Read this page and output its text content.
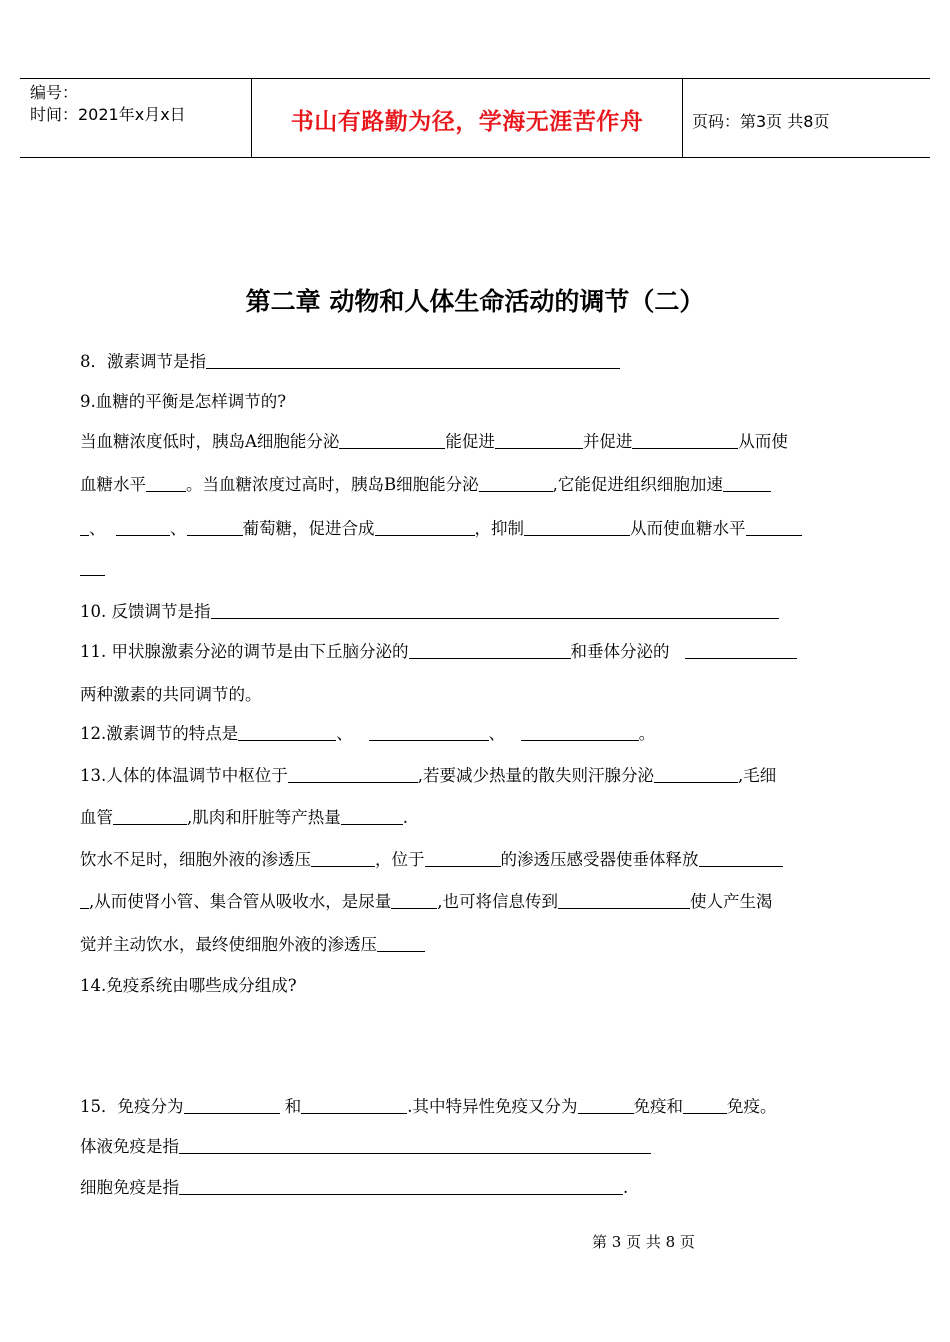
编号：
时间：2021年x月x日	书山有路勤为径，学海无涯苦作舟	页码：第3页 共8页
第二章 动物和人体生命活动的调节（二）
8．激素调节是指
9.血糖的平衡是怎样调节的?
当血糖浓度低时，胰岛A细胞能分泌	能促进	并促进	从而使
血糖水平 。当血糖浓度过高时，胰岛B细胞能分泌	,它能促进组织细胞加速
、	、	葡萄糖，促进合成	，抑制	从而使血糖水平
10. 反馈调节是指
11. 甲状腺激素分泌的调节是由下丘脑分泌的	和垂体分泌的
两种激素的共同调节的。
12.激素调节的特点是	、	、	。
13.人体的体温调节中枢位于	,若要减少热量的散失则汗腺分泌	,毛细
血管	,肌肉和肝脏等产热量	.
饮水不足时，细胞外液的渗透压	，位于	的渗透压感受器使垂体释放
,从而使肾小管、集合管从吸收水，是尿量	,也可将信息传到	使人产生渴
觉并主动饮水，最终使细胞外液的渗透压
14.免疫系统由哪些成分组成?
15．免疫分为	和	.其中特异性免疫又分为	免疫和	免疫。
体液免疫是指
细胞免疫是指	.
第 3 页 共 8 页
